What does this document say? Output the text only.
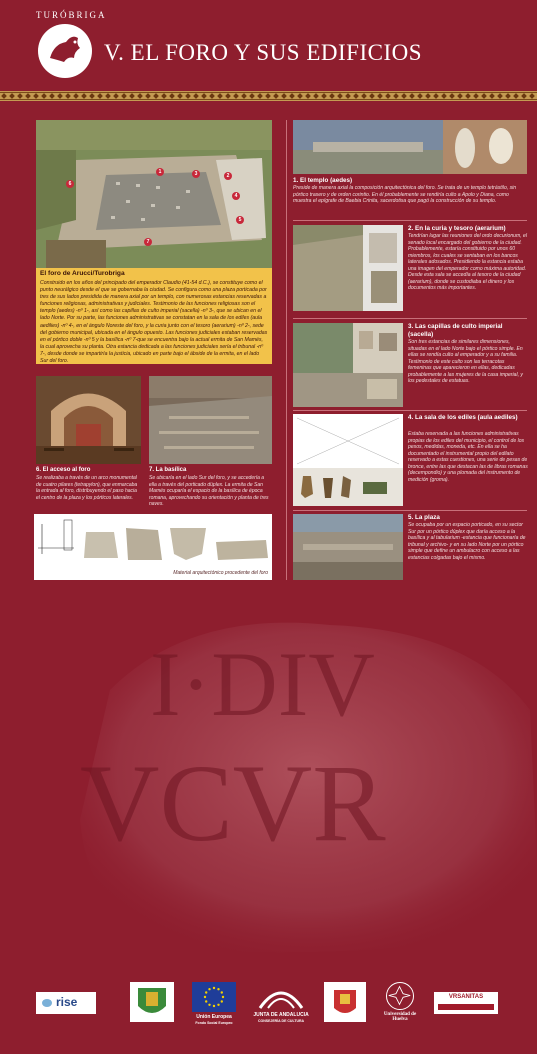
I·DIV
VCVR
TURÓBRIGA
V. EL FORO Y SUS EDIFICIOS
1
2
3
4
5
6
7
El foro de Arucci/Turobriga
Construido en los años del principado del emperador Claudio (41-54 d.C.), se constituye como el punto neurálgico desde el que se gobernaba la ciudad. Se configura como una plaza porticada por tres de sus lados presidida de manera axial por un templo, con numerosas estancias reservadas a funciones religiosas, administrativas y judiciales. Testimonio de las funciones religiosas son el templo (aedes) -nº 1-, así como las capillas de culto imperial (sacella) -nº 3-, que se ubican en el lado Norte. Por su parte, las funciones administrativas se constatan en la sala de los ediles (aula aedilies) -nº 4-, en el ángulo Noreste del foro, y la curia junto con el tesoro (aerarium) -nº 2-, sede del gobierno municipal, ubicada en el ángulo opuesto. Las funciones judiciales estaban reservadas en el pórtico doble -nº 5 y la basílica -nº 7-que se encuentra bajo la actual ermita de San Mamés, la cual aprovecha su planta. Otra estancia dedicada a las funciones judiciales sería el tribunal -nº 7-, desde donde se impartiría la justicia, ubicado en parte bajo el ábside de la ermita, en el lado Sur del foro.
6. El acceso al foro
Se realizaba a través de un arco monumental de cuatro pilares (tetrapylon), que enmarcaba la entrada al foro, distribuyendo el paso hacia el centro de la plaza y los pórticos laterales.
7. La basílica
Se ubicaría en el lado Sur del foro, y se accedería a ella a través del porticado dúplex. La ermita de San Mamés ocuparía el espacio de la basílica de época romana, aprovechando su orientación y planta de tres naves.
Material arquitectónico procedente del foro
1. El templo (aedes)
Preside de manera axial la composición arquitectónica del foro. Se trata de un templo tetrástilo, sin pórtico trasero y de orden corintio. En él probablemente se rendiría culto a Apolo y Diana, como muestra el epígrafe de Baebia Crinita, sacerdotisa que pagó la construcción de su templo.
2. En la curia y tesoro (aerarium)
Tendrían lugar las reuniones del ordo decurionum, el senado local encargado del gobierno de la ciudad. Probablemente, estaría constituido por unos 60 miembros, los cuales se sentaban en los bancos laterales adosados. Presidiendo la estancia estaba una imagen del emperador como máxima autoridad. Desde esta sala se accedía al tesoro de la ciudad (aerarium), donde se custodiaba el dinero y los documentos más importantes.
3. Las capillas de culto imperial (sacella)
Son tres estancias de similares dimensiones, situadas en el lado Norte bajo el pórtico simple. En ellas se rendía culto al emperador y a su familia. Testimonio de este culto son las terracotas femeninas que aparecieron en ellas, dedicadas probablemente a las mujeres de la casa imperial, y los pedestales de estatuas.
4. La sala de los ediles (aula aediles)
Estaba reservada a las funciones administrativas propias de los ediles del municipio, el control de los pesos, medidas, moneda, etc. En ella se ha documentado el instrumental propio del edilato reservado a estas cuestiones, una serie de pesas de bronce, entre las que destacan las de libras romanas (decempondio) y una plomada del instrumento de medición (groma).
5. La plaza
Se ocupaba por un espacio porticado, en su sector Sur por un pórtico dúplex que daría acceso a la basílica y al tabularium -estancia que funcionaría de tribunal y archivo- y en su lado Norte por un pórtico simple que define un ambulacro con acceso a las estancias colgadas bajo el mismo.
rise
Unión Europea
Fondo Social Europeo
JUNTA DE ANDALUCIA
CONSEJERÍA DE CULTURA
Universidad de Huelva
VRSANITAS
